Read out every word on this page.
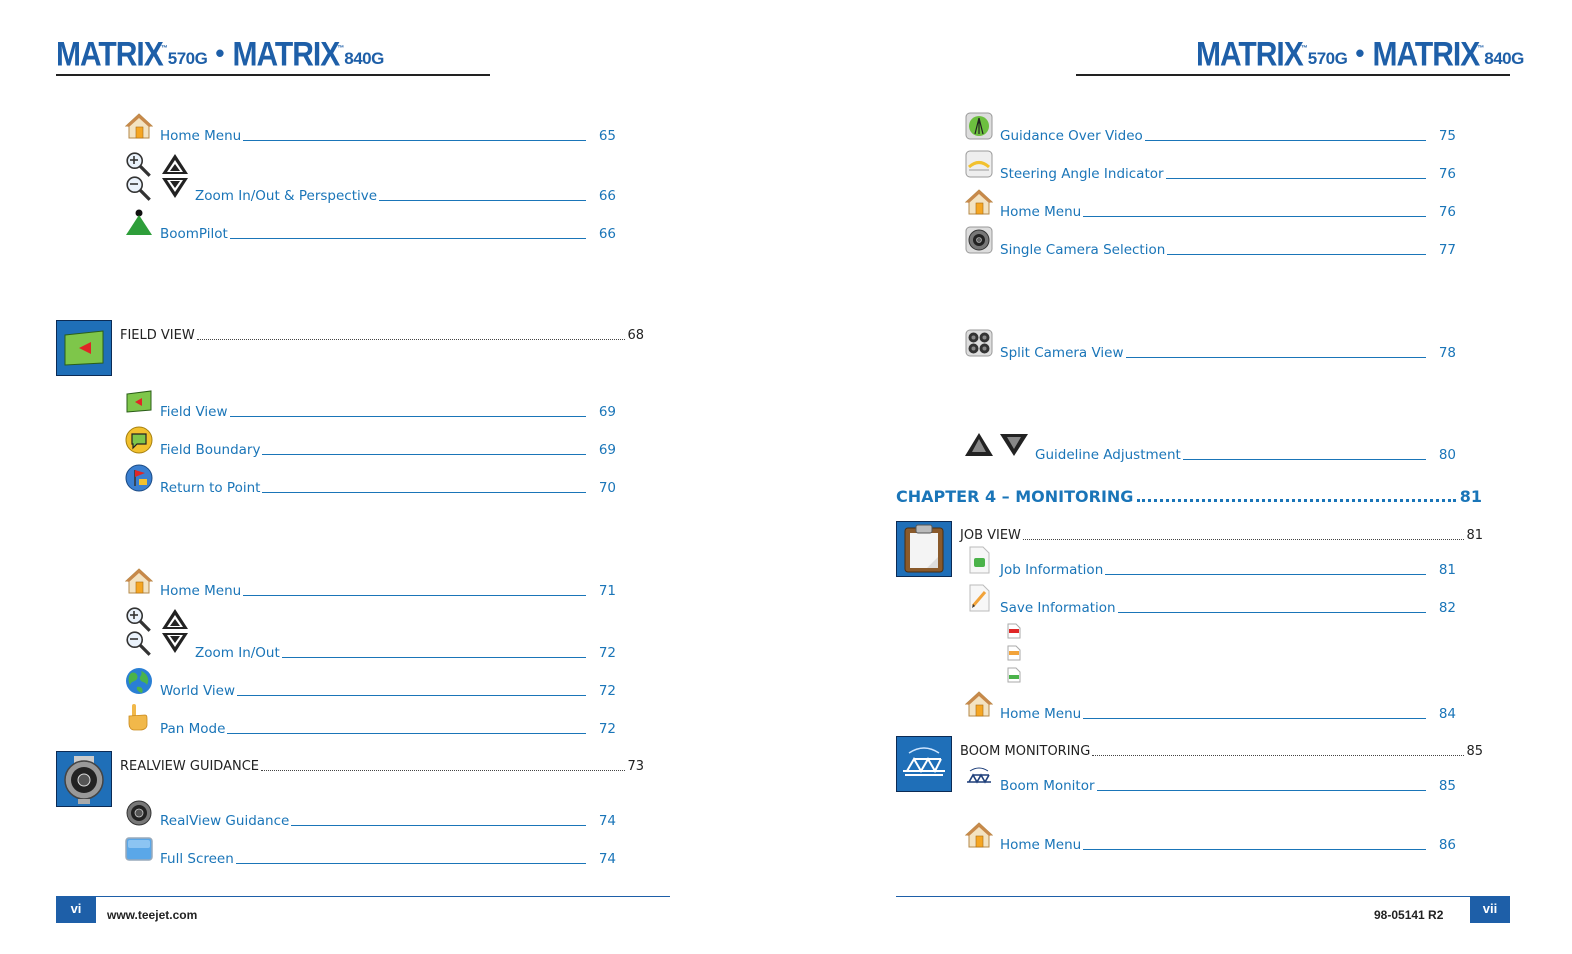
MATRIX
™
570G • MATRIX
™
840G	MATRIX
™
570G • MATRIX
™
840G
Home Menu	65
Zoom In/Out & Perspective	66
BoomPilot	66
FIELD VIEW	68
Field View	69
Field Boundary	69
Return to Point	70
Home Menu	71
Zoom In/Out	72
World View	72
Pan Mode	72
REALVIEW GUIDANCE	73
RealView Guidance	74
Full Screen	74
Guidance Over Video	75
Steering Angle Indicator	76
Home Menu	76
Single Camera Selection	77
Split Camera View	78
Guideline Adjustment	80
CHAPTER 4 – MONITORING	81
JOB VIEW	81
Job Information	81
Save Information	82
Home Menu	84
BOOM MONITORING	85
Boom Monitor	85
Home Menu	86
vi	www.teejet.com	vii
98-05141 R2
